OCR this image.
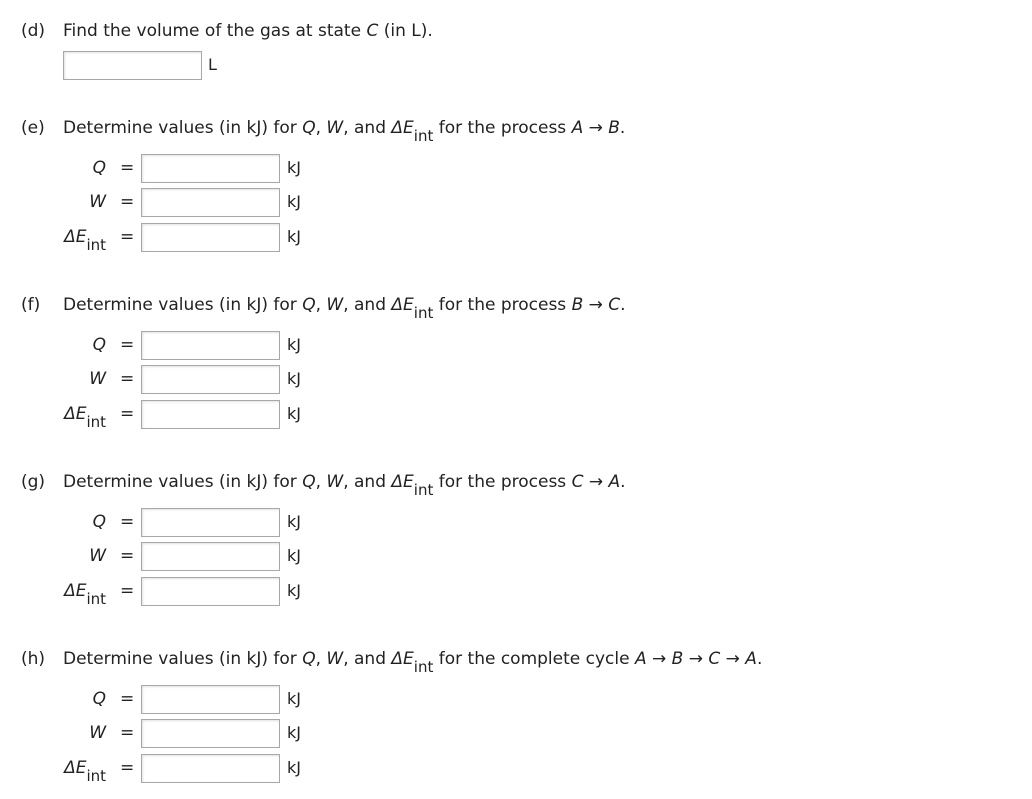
(d) Find the volume of the gas at state C (in L).
L
(e) Determine values (in kJ) for Q, W, and $\Delta E_{int}$ for the process A → B.
Q =	kJ
W =	kJ
$\Delta E_{int}$ =	kJ
(f) Determine values (in kJ) for Q, W, and $\Delta E_{int}$ for the process B → C.
Q =	kJ
W =	kJ
$\Delta E_{int}$ =	kJ
(g) Determine values (in kJ) for Q, W, and $\Delta E_{int}$ for the process C → A.
Q =	kJ
W =	kJ
$\Delta E_{int}$ =	kJ
(h) Determine values (in kJ) for Q, W, and $\Delta E_{int}$ for the complete cycle A → B → C → A.
Q =	kJ
W =	kJ
$\Delta E_{int}$ =	kJ
